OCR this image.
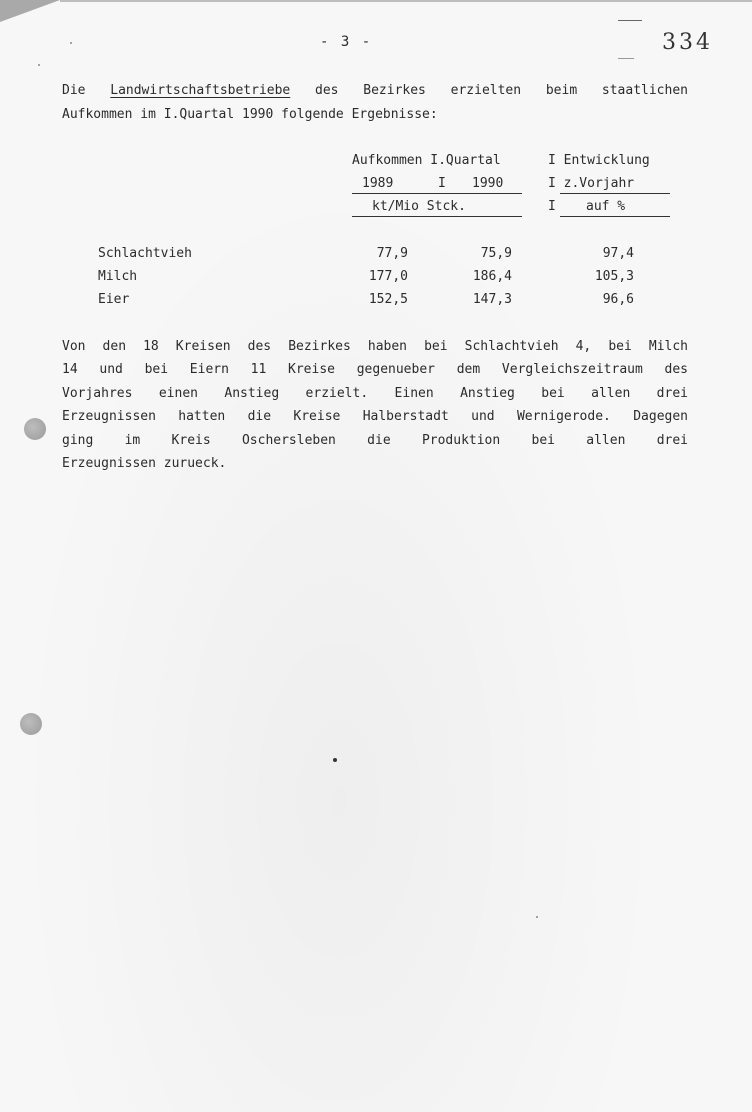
- 3 -	334
Die Landwirtschaftsbetriebe des Bezirkes erzielten beim staatlichen
Aufkommen im I.Quartal 1990 folgende Ergebnisse:
Aufkommen I.Quartal	I Entwicklung
1989	I 1990	I z.Vorjahr
kt/Mio Stck.	I auf %
Schlachtvieh	77,9	75,9	97,4
Milch	177,0	186,4	105,3
Eier	152,5	147,3	96,6
Von den 18 Kreisen des Bezirkes haben bei Schlachtvieh 4, bei Milch
14 und bei Eiern 11 Kreise gegenueber dem Vergleichszeitraum des
Vorjahres einen Anstieg erzielt. Einen Anstieg bei allen drei
Erzeugnissen hatten die Kreise Halberstadt und Wernigerode. Dagegen
ging im Kreis Oschersleben die Produktion bei allen drei
Erzeugnissen zurueck.
